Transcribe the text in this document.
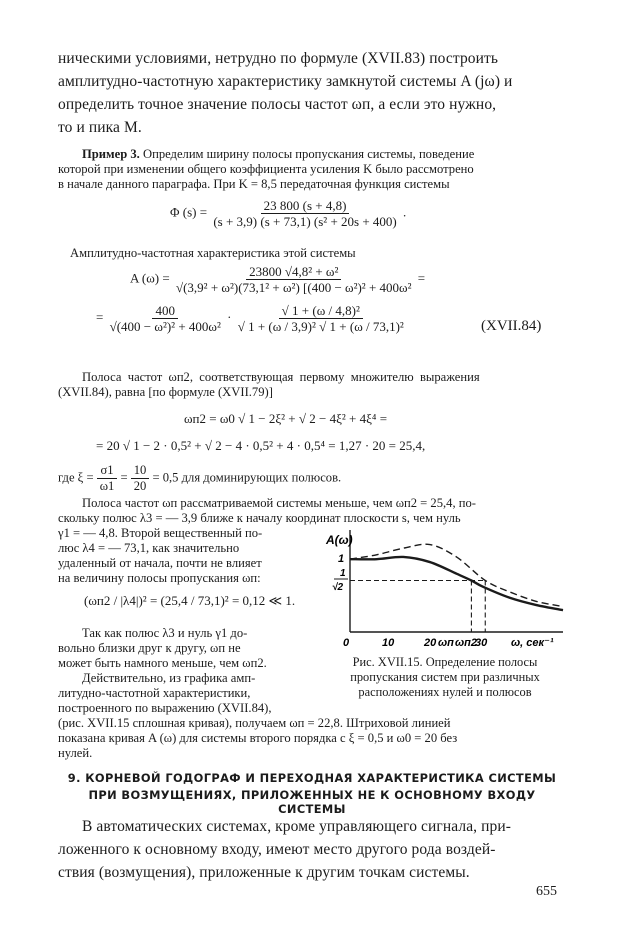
ническими условиями, нетрудно по формуле (XVII.83) построить
амплитудно-частотную характеристику замкнутой системы A (jω) и
определить точное значение полосы частот ωп, а если это нужно,
то и пика M.
Пример 3. Определим ширину полосы пропускания системы, поведение
которой при изменении общего коэффициента усиления K было рассмотрено
в начале данного параграфа. При K = 8,5 передаточная функция системы
Φ $(s) = \frac{23 800 (s + 4,8)}{\text{(s + 3,9) (s + 73,1) (s² + 20s + 400)}}$ .
Амплитудно-частотная характеристика этой системы
A $(\omega) = \frac{\text{23800 √4,8² + ω²}}{\text{√(3,9² + ω²)(73,1² + ω²) [(400 − ω²)² + 400ω²}}$ =
= $\frac{400}{\text{√(400 − ω²)² + 400ω²}} \cdot \frac{\text{√ 1 + (ω / 4,8)²}}{\text{√ 1 + (ω / 3,9)² √ 1 + (ω / 73,1)²}}$	(XVII.84)
Полоса  частот  ωп2,  соответствующая  первому  множителю  выражения
(XVII.84), равна [по формуле (XVII.79)]
ωп2 = ω0 √ 1 − 2ξ² + √ 2 − 4ξ² + 4ξ⁴ =
= 20 √ 1 − 2 · 0,5² + √ 2 − 4 · 0,5² + 4 · 0,5⁴ = 1,27 · 20 = 25,4,
где $\xi = \frac{\sigma 1}{\omega 1} = \frac{10}{20} = 0,5$ для доминирующих полюсов.
Полоса частот ωп рассматриваемой системы меньше, чем ωп2 = 25,4, по-
скольку полюс λ3 = — 3,9 ближе к началу координат плоскости s, чем нуль
γ1 = — 4,8. Второй вещественный по-
люс λ4 = — 73,1, как значительно
удаленный от начала, почти не влияет
на величину полосы пропускания ωп:
(ωп2 / |λ4|)² = (25,4 / 73,1)² = 0,12 ≪ 1.
Так как полюс λ3 и нуль γ1 до-
вольно близки друг к другу, ωп не
может быть намного меньше, чем ωп2.
Действительно, из графика амп-
литудно-частотной характеристики,
построенного по выражению (XVII.84),
A(ω)
1
1
√2
0	10	20 ωп ωп2
30 ω, сек⁻¹
Рис. XVII.15. Определение полосы
пропускания систем при различных
расположениях нулей и полюсов
(рис. XVII.15 сплошная кривая), получаем ωп = 22,8. Штриховой линией
показана кривая A (ω) для системы второго порядка с ξ = 0,5 и ω0 = 20 без
нулей.
9. КОРНЕВОЙ ГОДОГРАФ И ПЕРЕХОДНАЯ ХАРАКТЕРИСТИКА СИСТЕМЫ
ПРИ ВОЗМУЩЕНИЯХ, ПРИЛОЖЕННЫХ НЕ К ОСНОВНОМУ ВХОДУ СИСТЕМЫ
В автоматических системах, кроме управляющего сигнала, при-
ложенного к основному входу, имеют место другого рода воздей-
ствия (возмущения), приложенные к другим точкам системы.
655
